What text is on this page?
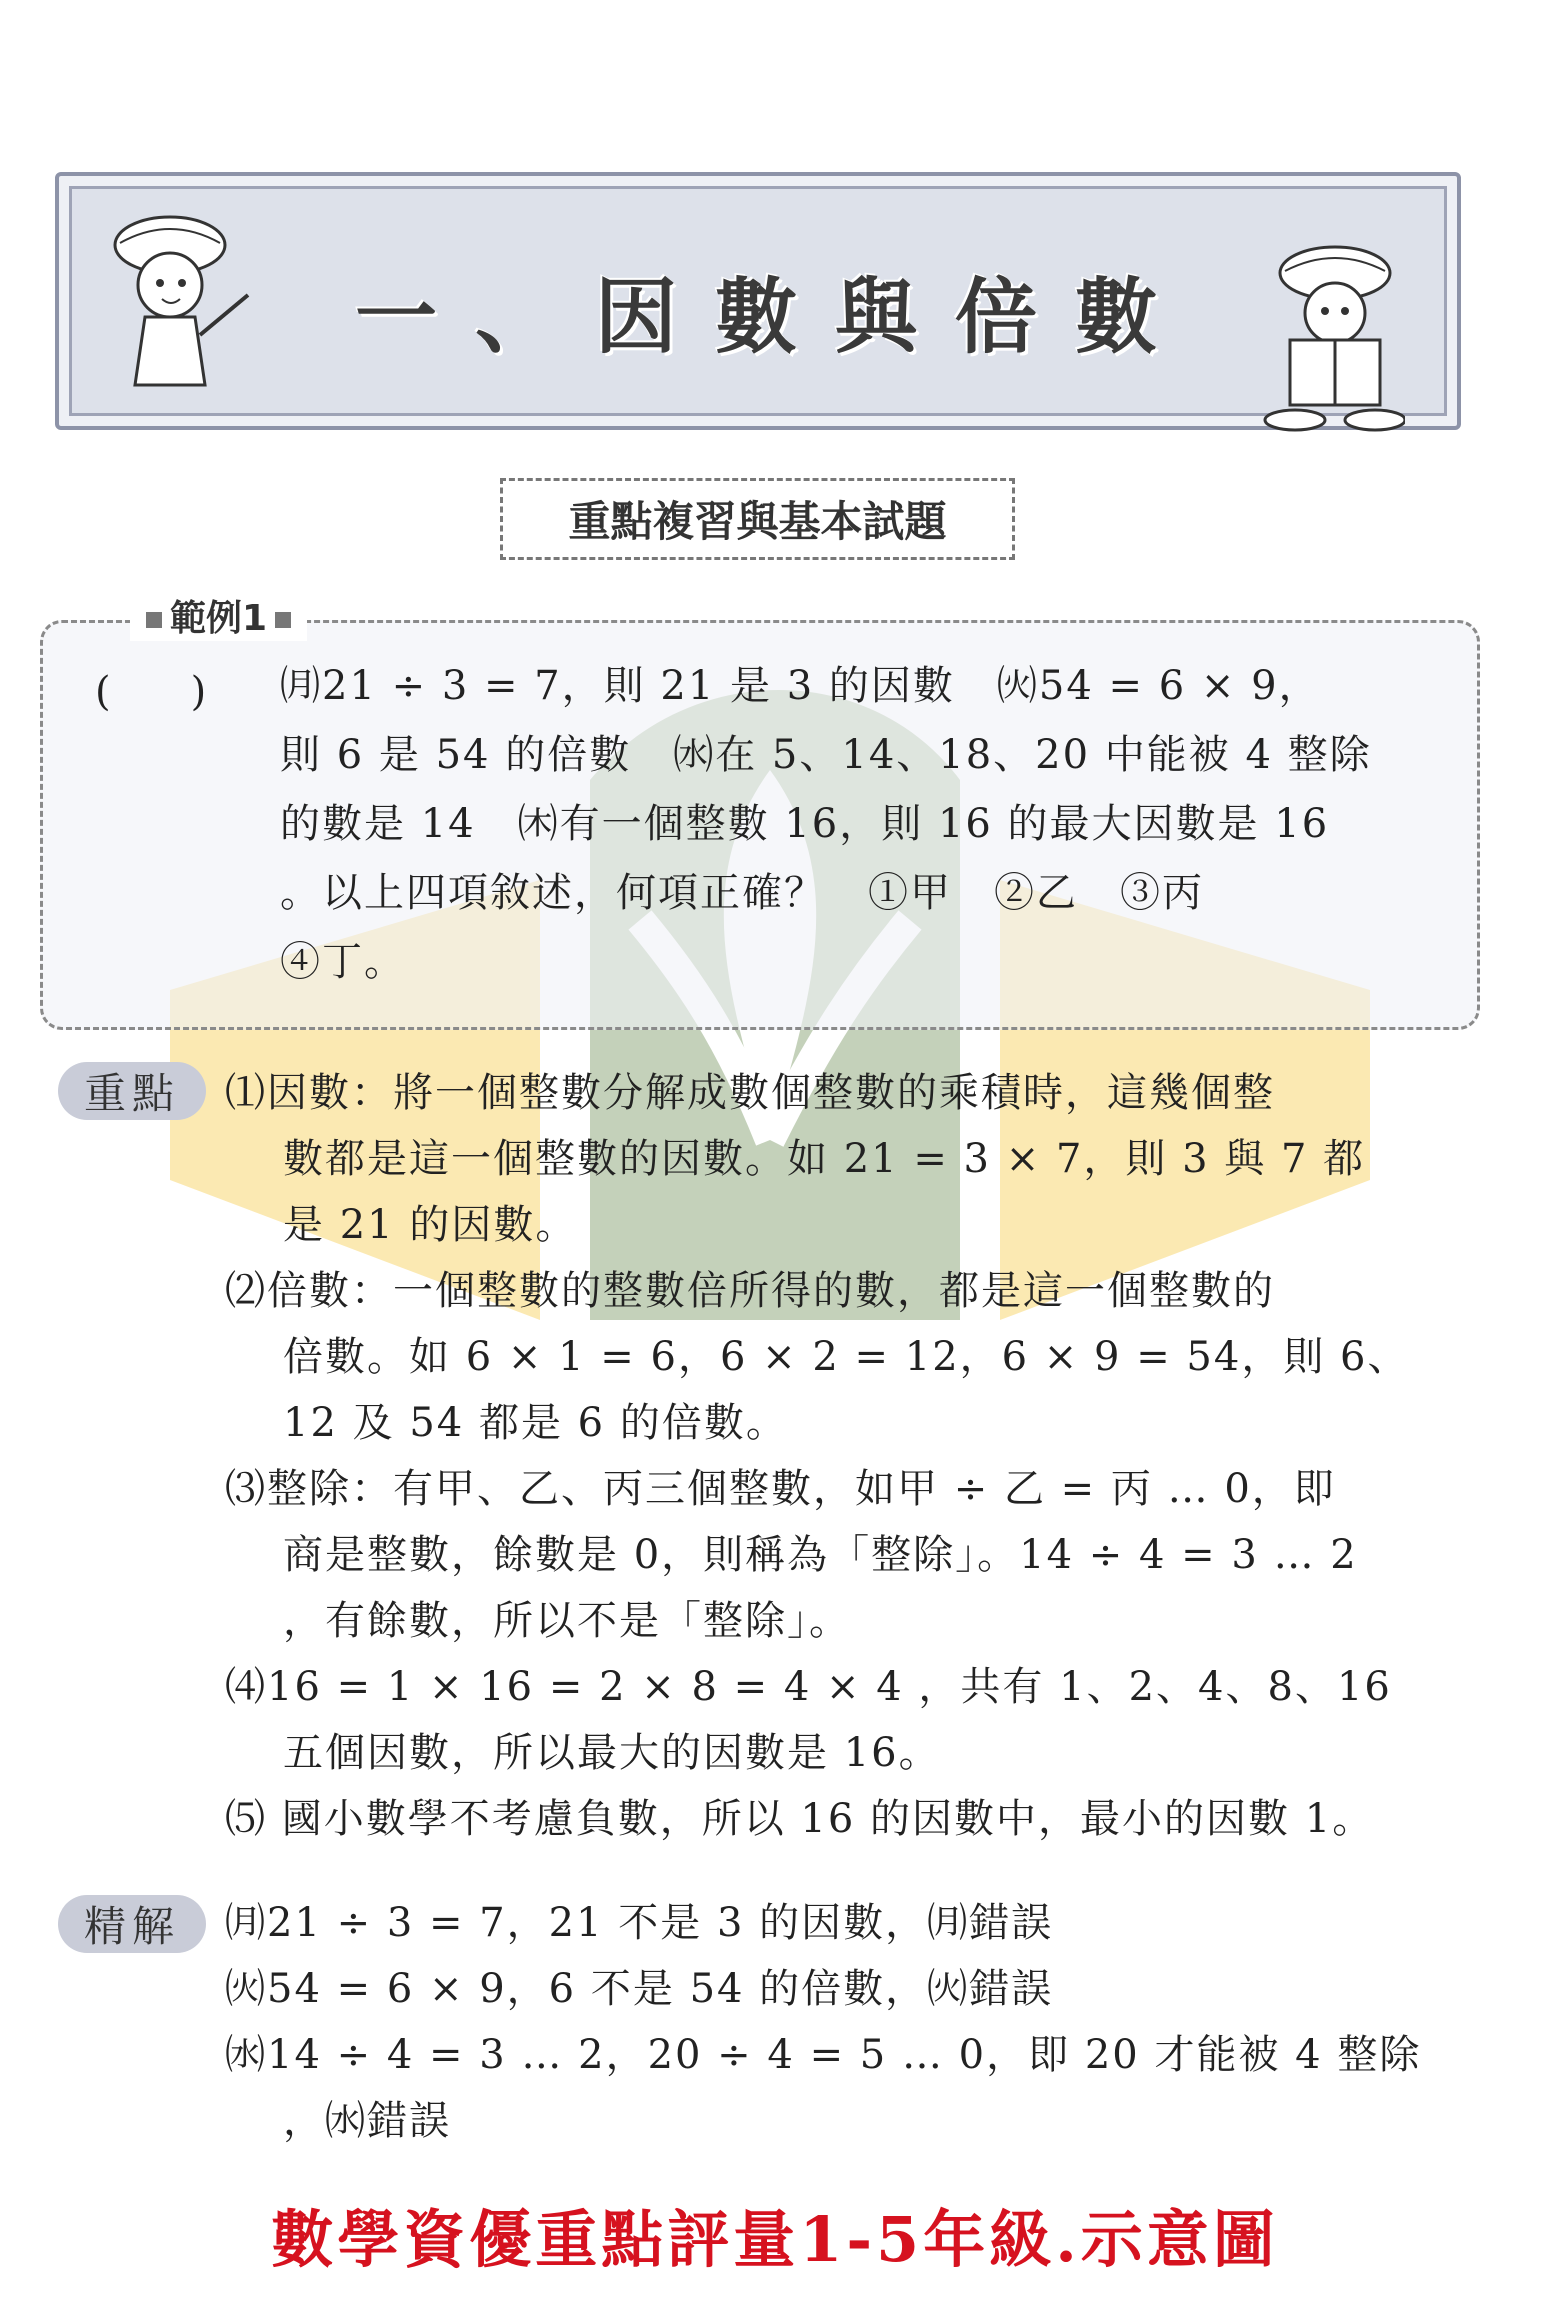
一、因數與倍數
重點複習與基本試題
範例1
(　　) ㈪21 ÷ 3 = 7，則 21 是 3 的因數　㈫54 = 6 × 9，
則 6 是 54 的倍數　㈬在 5、14、18、20 中能被 4 整除
的數是 14　㈭有一個整數 16，則 16 的最大因數是 16
。以上四項敘述，何項正確？　①甲　②乙　③丙
④丁。
重點	⑴因數：將一個整數分解成數個整數的乘積時，這幾個整
數都是這一個整數的因數。如 21 = 3 × 7，則 3 與 7 都
是 21 的因數。
⑵倍數：一個整數的整數倍所得的數，都是這一個整數的
倍數。如 6 × 1 = 6，6 × 2 = 12，6 × 9 = 54，則 6、
12 及 54 都是 6 的倍數。
⑶整除：有甲、乙、丙三個整數，如甲 ÷ 乙 = 丙 … 0，即
商是整數，餘數是 0，則稱為「整除」。14 ÷ 4 = 3 … 2
，有餘數，所以不是「整除」。
⑷16 = 1 × 16 = 2 × 8 = 4 × 4 ，共有 1、2、4、8、16
五個因數，所以最大的因數是 16。
⑸ 國小數學不考慮負數，所以 16 的因數中，最小的因數 1。
精解	㈪21 ÷ 3 = 7，21 不是 3 的因數，㈪錯誤
㈫54 = 6 × 9，6 不是 54 的倍數，㈫錯誤
㈬14 ÷ 4 = 3 … 2，20 ÷ 4 = 5 … 0，即 20 才能被 4 整除
，㈬錯誤
數學資優重點評量1-5年級.示意圖
